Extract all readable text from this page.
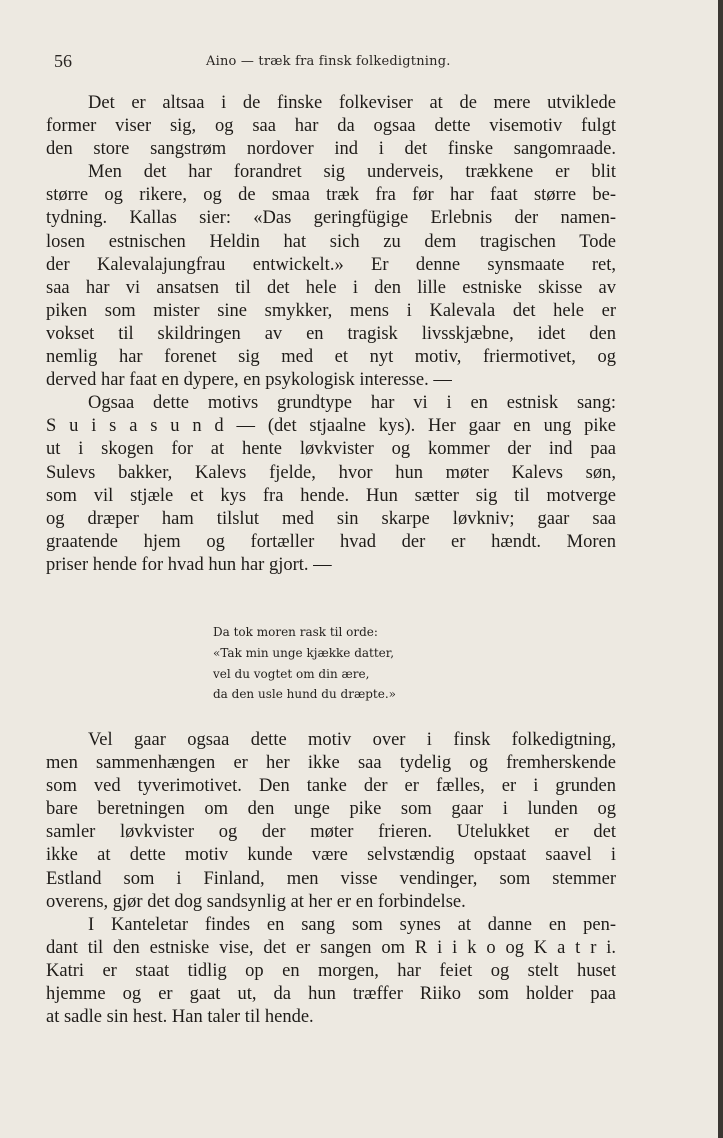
56	Aino — træk fra finsk folkedigtning.
Det er altsaa i de finske folkeviser at de mere utviklede
former viser sig, og saa har da ogsaa dette visemotiv fulgt
den store sangstrøm nordover ind i det finske sangomraade.
Men det har forandret sig underveis, trækkene er blit
større og rikere, og de smaa træk fra før har faat større be-
tydning. Kallas sier: «Das geringfügige Erlebnis der namen-
losen estnischen Heldin hat sich zu dem tragischen Tode
der Kalevalajungfrau entwickelt.» Er denne synsmaate ret,
saa har vi ansatsen til det hele i den lille estniske skisse av
piken som mister sine smykker, mens i Kalevala det hele er
vokset til skildringen av en tragisk livsskjæbne, idet den
nemlig har forenet sig med et nyt motiv, friermotivet, og
derved har faat en dypere, en psykologisk interesse. —
Ogsaa dette motivs grundtype har vi i en estnisk sang:
S u i s a s u n d — (det stjaalne kys). Her gaar en ung pike
ut i skogen for at hente løvkvister og kommer der ind paa
Sulevs bakker, Kalevs fjelde, hvor hun møter Kalevs søn,
som vil stjæle et kys fra hende. Hun sætter sig til motverge
og dræper ham tilslut med sin skarpe løvkniv; gaar saa
graatende hjem og fortæller hvad der er hændt. Moren
priser hende for hvad hun har gjort. —
Da tok moren rask til orde:
«Tak min unge kjække datter,
vel du vogtet om din ære,
da den usle hund du dræpte.»
Vel gaar ogsaa dette motiv over i finsk folkedigtning,
men sammenhængen er her ikke saa tydelig og fremherskende
som ved tyverimotivet. Den tanke der er fælles, er i grunden
bare beretningen om den unge pike som gaar i lunden og
samler løvkvister og der møter frieren. Utelukket er det
ikke at dette motiv kunde være selvstændig opstaat saavel i
Estland som i Finland, men visse vendinger, som stemmer
overens, gjør det dog sandsynlig at her er en forbindelse.
I Kanteletar findes en sang som synes at danne en pen-
dant til den estniske vise, det er sangen om R i i k o og K a t r i.
Katri er staat tidlig op en morgen, har feiet og stelt huset
hjemme og er gaat ut, da hun træffer Riiko som holder paa
at sadle sin hest. Han taler til hende.
